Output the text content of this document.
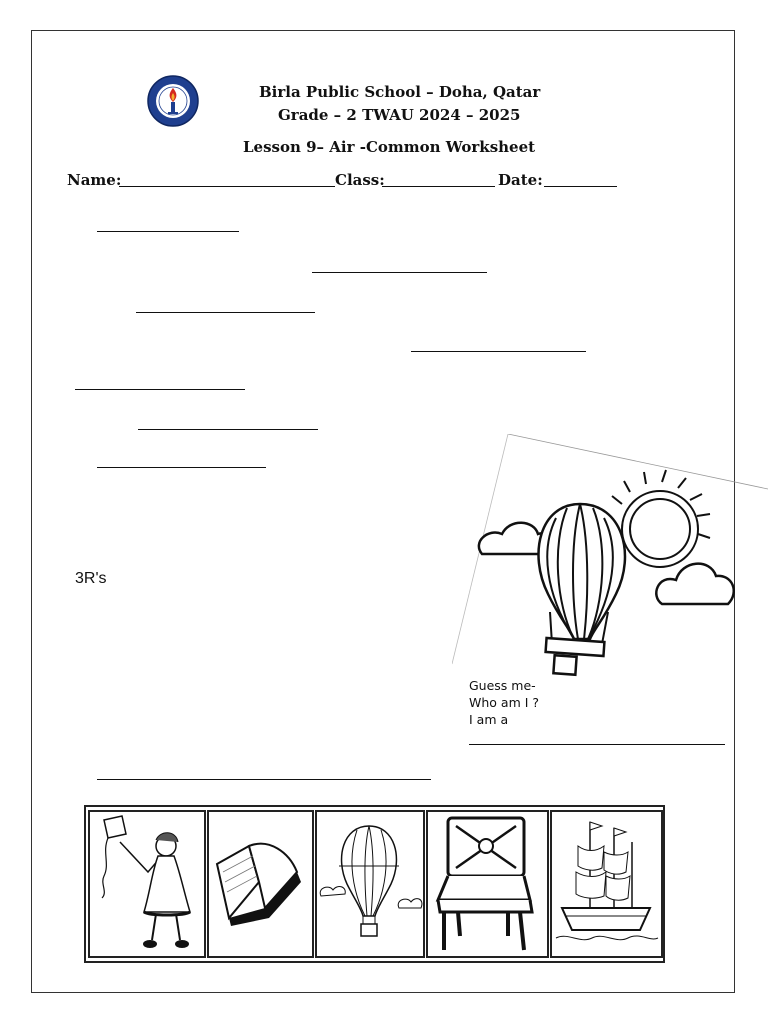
Birla Public School – Doha, Qatar
Grade – 2 TWAU 2024 – 2025
Lesson 9– Air -Common Worksheet
Name:	Class:	Date:
3R's
Guess me-
Who am I ?
I am a
